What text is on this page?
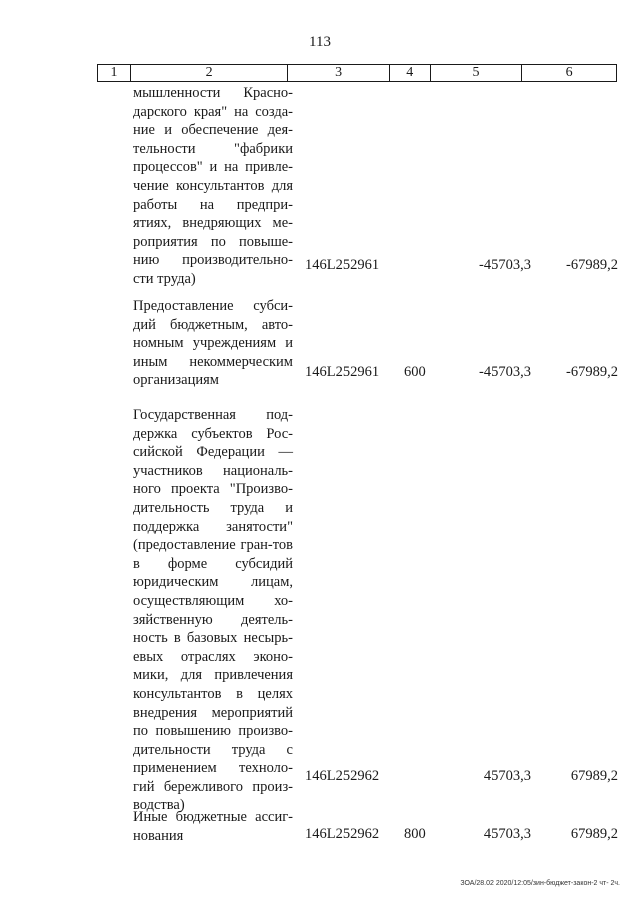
113
1	2	3	4	5	6
мышленности Красно-дарского края" на созда-ние и обеспечение дея-тельности "фабрики процессов" и на привле-чение консультантов для работы на предпри-ятиях, внедряющих ме-роприятия по повыше-нию производительно-сти труда)
146L252961	-45703,3 -67989,2
Предоставление субси-дий бюджетным, авто-номным учреждениям и иным некоммерческим организациям
146L252961 600	-45703,3 -67989,2
Государственная под-держка субъектов Рос-сийской Федерации — участников националь-ного проекта "Произво-дительность труда и поддержка занятости" (предоставление гран-тов в форме субсидий юридическим лицам, осуществляющим хо-зяйственную деятель-ность в базовых несырь-евых отраслях эконо-мики, для привлечения консультантов в целях внедрения мероприятий по повышению произво-дительности труда с применением техноло-гий бережливого произ-водства)
146L252962	45703,3	67989,2
Иные бюджетные ассиг-нования	146L252962 800	45703,3	67989,2
ЗОА/28.02 2020/12:05/зин-бюджет-закон-2 чт- 2ч.
